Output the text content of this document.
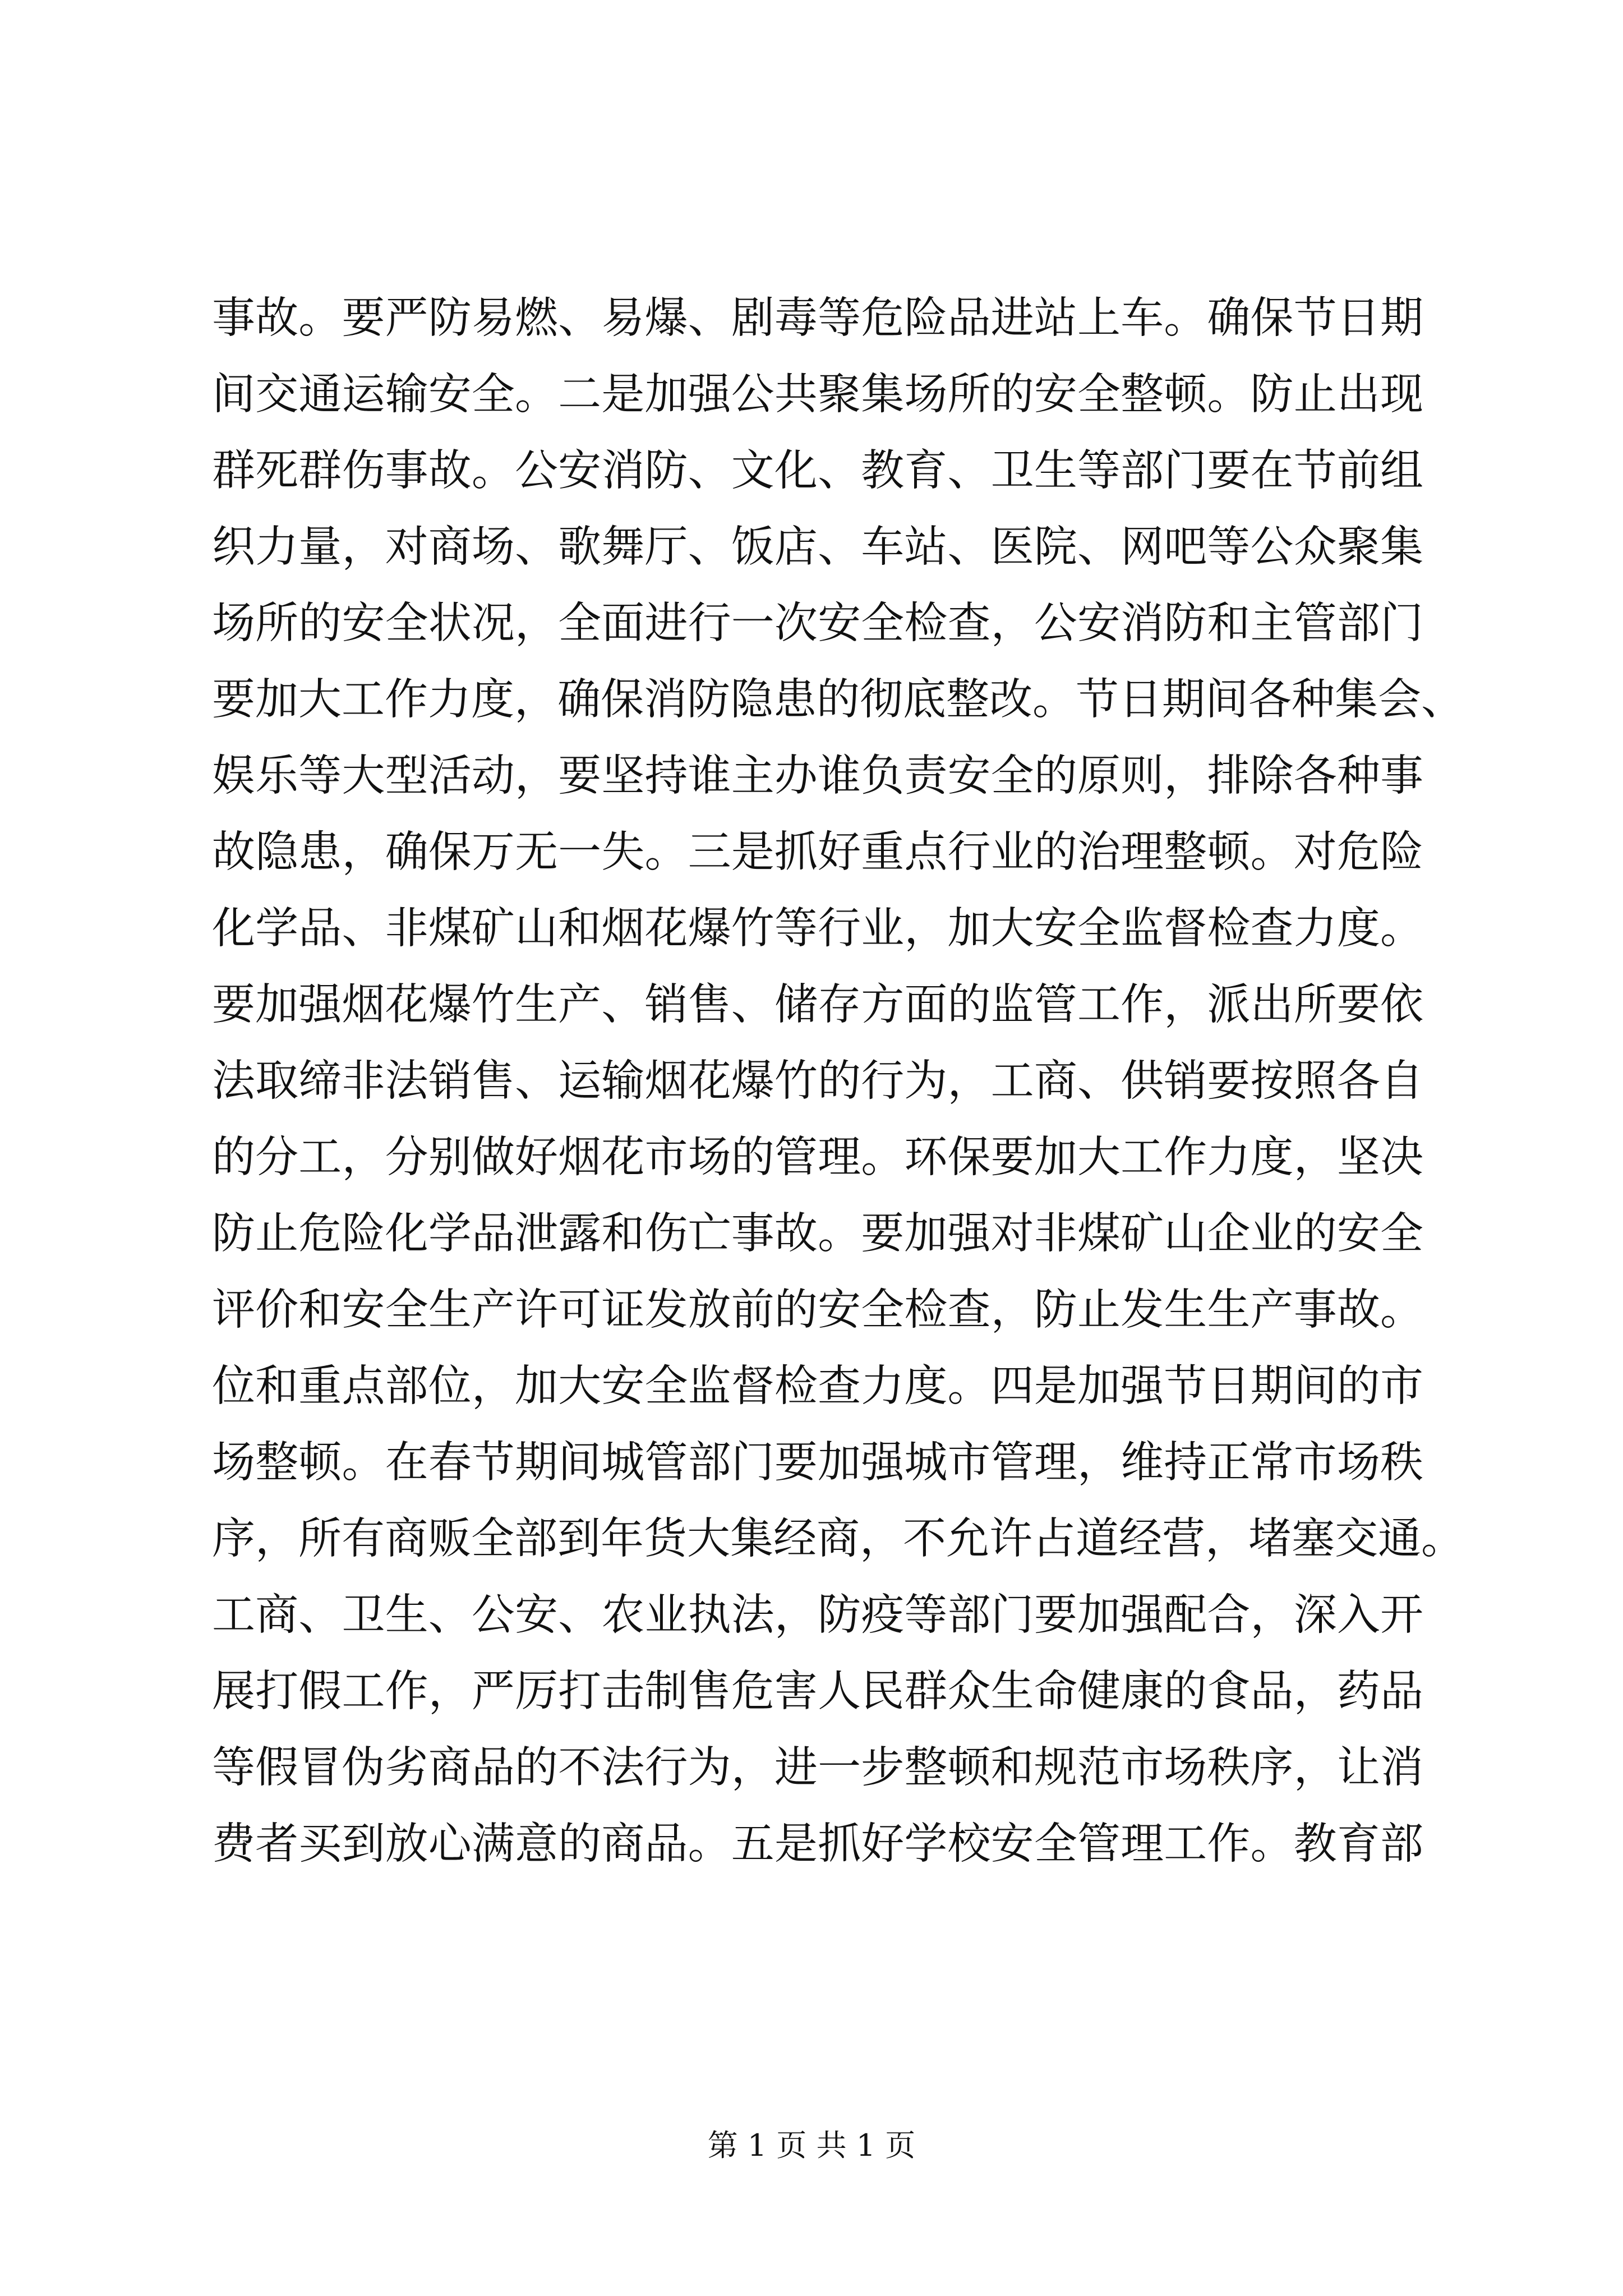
事故。要严防易燃、易爆、剧毒等危险品进站上车。确保节日期
间交通运输安全。二是加强公共聚集场所的安全整顿。防止出现
群死群伤事故。公安消防、文化、教育、卫生等部门要在节前组
织力量，对商场、歌舞厅、饭店、车站、医院、网吧等公众聚集
场所的安全状况，全面进行一次安全检查，公安消防和主管部门
要加大工作力度，确保消防隐患的彻底整改。节日期间各种集会、
娱乐等大型活动，要坚持谁主办谁负责安全的原则，排除各种事
故隐患，确保万无一失。三是抓好重点行业的治理整顿。对危险
化学品、非煤矿山和烟花爆竹等行业，加大安全监督检查力度。
要加强烟花爆竹生产、销售、储存方面的监管工作，派出所要依
法取缔非法销售、运输烟花爆竹的行为，工商、供销要按照各自
的分工，分别做好烟花市场的管理。环保要加大工作力度，坚决
防止危险化学品泄露和伤亡事故。要加强对非煤矿山企业的安全
评价和安全生产许可证发放前的安全检查，防止发生生产事故。
位和重点部位，加大安全监督检查力度。四是加强节日期间的市
场整顿。在春节期间城管部门要加强城市管理，维持正常市场秩
序，所有商贩全部到年货大集经商，不允许占道经营，堵塞交通。
工商、卫生、公安、农业执法，防疫等部门要加强配合，深入开
展打假工作，严厉打击制售危害人民群众生命健康的食品，药品
等假冒伪劣商品的不法行为，进一步整顿和规范市场秩序，让消
费者买到放心满意的商品。五是抓好学校安全管理工作。教育部
第 1 页 共 1 页
